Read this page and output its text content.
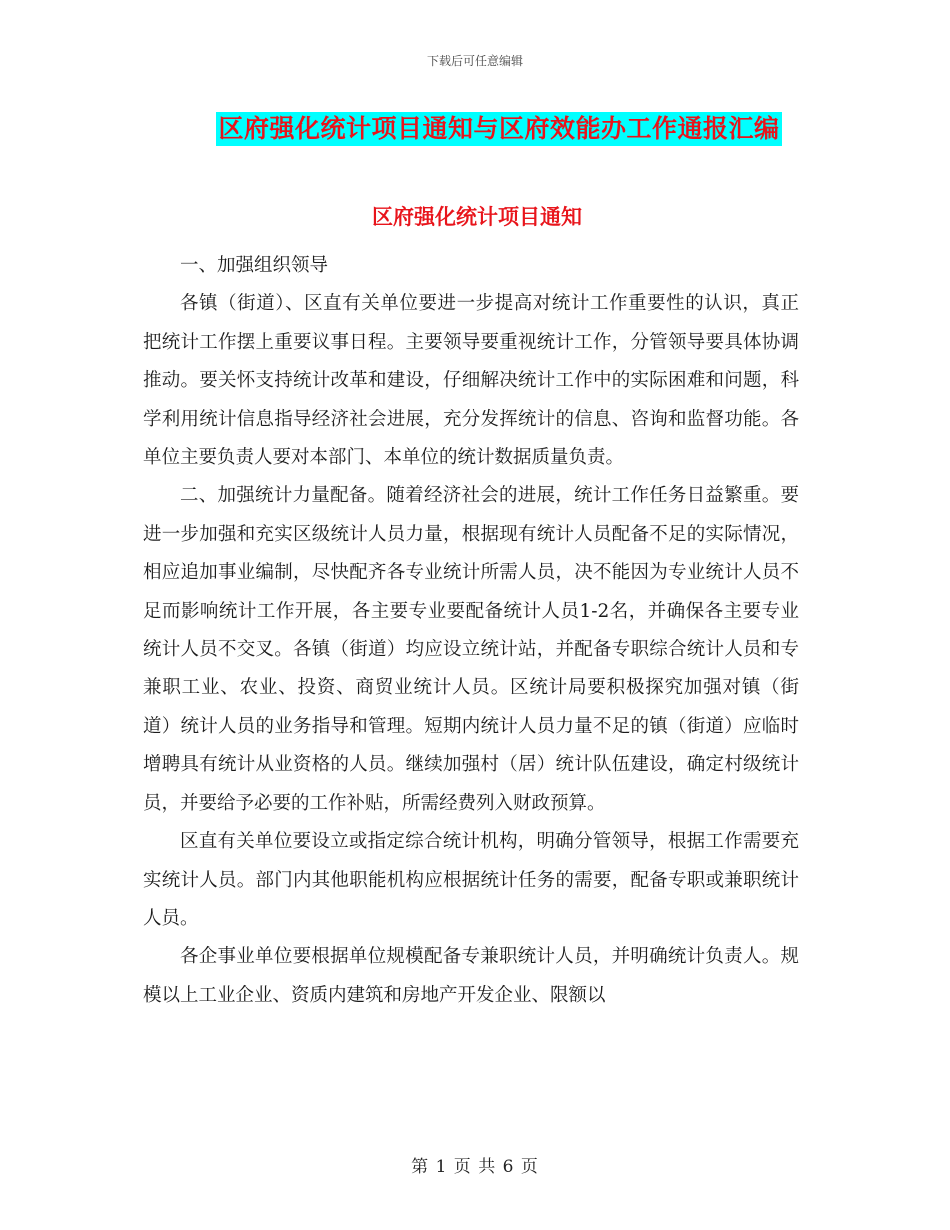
下载后可任意编辑
区府强化统计项目通知与区府效能办工作通报汇编
区府强化统计项目通知

一、加强组织领导

各镇（街道）、区直有关单位要进一步提高对统计工作重要性的认识，真正把统计工作摆上重要议事日程。主要领导要重视统计工作，分管领导要具体协调推动。要关怀支持统计改革和建设，仔细解决统计工作中的实际困难和问题，科学利用统计信息指导经济社会进展，充分发挥统计的信息、咨询和监督功能。各单位主要负责人要对本部门、本单位的统计数据质量负责。

二、加强统计力量配备。随着经济社会的进展，统计工作任务日益繁重。要进一步加强和充实区级统计人员力量，根据现有统计人员配备不足的实际情况，相应追加事业编制，尽快配齐各专业统计所需人员，决不能因为专业统计人员不足而影响统计工作开展，各主要专业要配备统计人员1-2名，并确保各主要专业统计人员不交叉。各镇（街道）均应设立统计站，并配备专职综合统计人员和专兼职工业、农业、投资、商贸业统计人员。区统计局要积极探究加强对镇（街道）统计人员的业务指导和管理。短期内统计人员力量不足的镇（街道）应临时增聘具有统计从业资格的人员。继续加强村（居）统计队伍建设，确定村级统计员，并要给予必要的工作补贴，所需经费列入财政预算。

区直有关单位要设立或指定综合统计机构，明确分管领导，根据工作需要充实统计人员。部门内其他职能机构应根据统计任务的需要，配备专职或兼职统计人员。

各企事业单位要根据单位规模配备专兼职统计人员，并明确统计负责人。规模以上工业企业、资质内建筑和房地产开发企业、限额以

第 1 页 共 6 页
